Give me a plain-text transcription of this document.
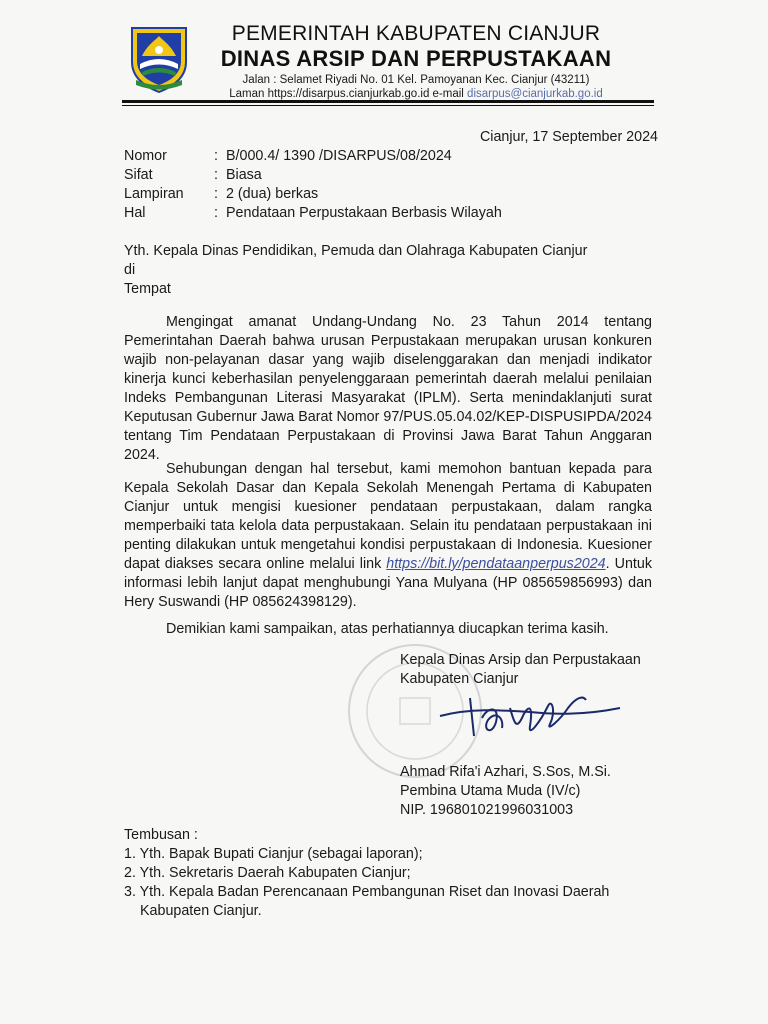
PEMERINTAH KABUPATEN CIANJUR
DINAS ARSIP DAN PERPUSTAKAAN
Jalan : Selamet Riyadi No. 01 Kel. Pamoyanan Kec. Cianjur (43211)
Laman https://disarpus.cianjurkab.go.id e-mail disarpus@cianjurkab.go.id
Cianjur, 17 September 2024
Nomor	:	B/000.4/ 1390 /DISARPUS/08/2024
Sifat	:	Biasa
Lampiran	:	2 (dua) berkas
Hal	:	Pendataan Perpustakaan Berbasis Wilayah
Yth. Kepala Dinas Pendidikan, Pemuda dan Olahraga Kabupaten Cianjur
di
Tempat
Mengingat amanat Undang-Undang No. 23 Tahun 2014 tentang Pemerintahan Daerah bahwa urusan Perpustakaan merupakan urusan konkuren wajib non-pelayanan dasar yang wajib diselenggarakan dan menjadi indikator kinerja kunci keberhasilan penyelenggaraan pemerintah daerah melalui penilaian Indeks Pembangunan Literasi Masyarakat (IPLM). Serta menindaklanjuti surat Keputusan Gubernur Jawa Barat Nomor 97/PUS.05.04.02/KEP-DISPUSIPDA/2024 tentang Tim Pendataan Perpustakaan di Provinsi Jawa Barat Tahun Anggaran 2024.
Sehubungan dengan hal tersebut, kami memohon bantuan kepada para Kepala Sekolah Dasar dan Kepala Sekolah Menengah Pertama di Kabupaten Cianjur untuk mengisi kuesioner pendataan perpustakaan, dalam rangka memperbaiki tata kelola data perpustakaan. Selain itu pendataan perpustakaan ini penting dilakukan untuk mengetahui kondisi perpustakaan di Indonesia. Kuesioner dapat diakses secara online melalui link https://bit.ly/pendataanperpus2024. Untuk informasi lebih lanjut dapat menghubungi Yana Mulyana (HP 085659856993) dan Hery Suswandi (HP 085624398129).
Demikian kami sampaikan, atas perhatiannya diucapkan terima kasih.
Kepala Dinas Arsip dan Perpustakaan
Kabupaten Cianjur
Ahmad Rifa'i Azhari, S.Sos, M.Si.
Pembina Utama Muda (IV/c)
NIP. 196801021996031003
Tembusan :
1. Yth. Bapak Bupati Cianjur (sebagai laporan);
2. Yth. Sekretaris Daerah Kabupaten Cianjur;
3. Yth. Kepala Badan Perencanaan Pembangunan Riset dan Inovasi Daerah
Kabupaten Cianjur.
